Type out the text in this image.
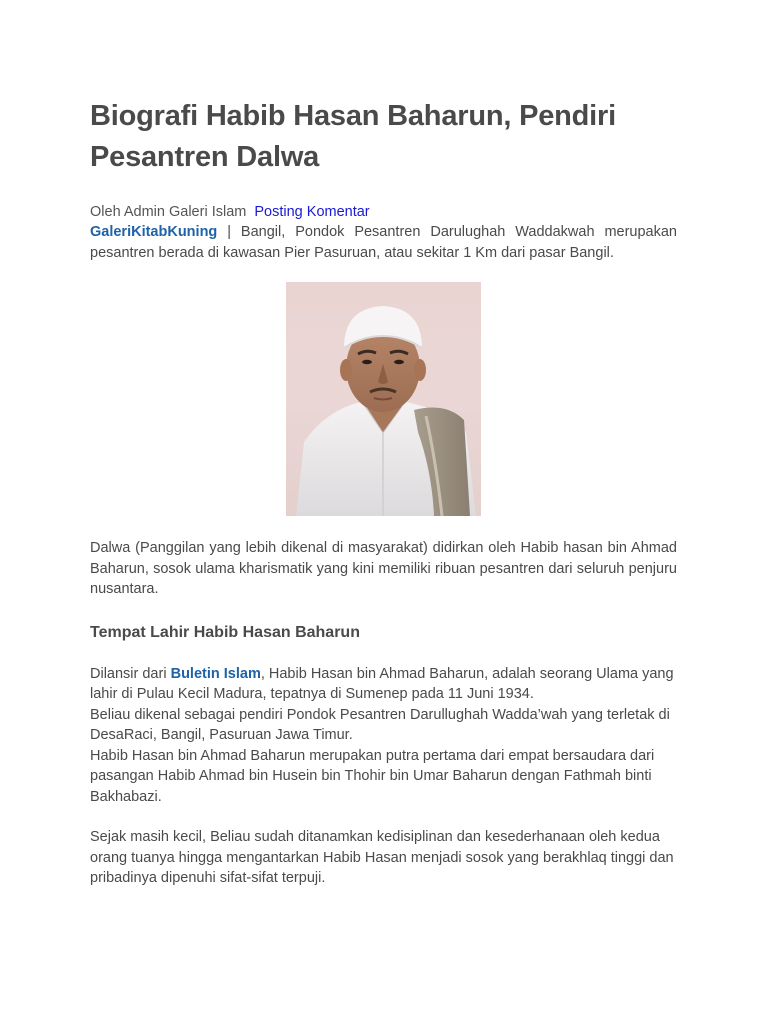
Biografi Habib Hasan Baharun, Pendiri Pesantren Dalwa
Oleh Admin Galeri Islam Posting Komentar

GaleriKitabKuning | Bangil, Pondok Pesantren Darulughah Waddakwah merupakan pesantren berada di kawasan Pier Pasuruan, atau sekitar 1 Km dari pasar Bangil.

Dalwa (Panggilan yang lebih dikenal di masyarakat) didirkan oleh Habib hasan bin Ahmad Baharun, sosok ulama kharismatik yang kini memiliki ribuan pesantren dari seluruh penjuru nusantara.

Tempat Lahir Habib Hasan Baharun

Dilansir dari Buletin Islam, Habib Hasan bin Ahmad Baharun, adalah seorang Ulama yang lahir di Pulau Kecil Madura, tepatnya di Sumenep pada 11 Juni 1934.

Beliau dikenal sebagai pendiri Pondok Pesantren Darullughah Wadda’wah yang terletak di DesaRaci, Bangil, Pasuruan Jawa Timur.

Habib Hasan bin Ahmad Baharun merupakan putra pertama dari empat bersaudara dari pasangan Habib Ahmad bin Husein bin Thohir bin Umar Baharun dengan Fathmah binti Bakhabazi.

Sejak masih kecil, Beliau sudah ditanamkan kedisiplinan dan kesederhanaan oleh kedua orang tuanya hingga mengantarkan Habib Hasan menjadi sosok yang berakhlaq tinggi dan pribadinya dipenuhi sifat-sifat terpuji.
